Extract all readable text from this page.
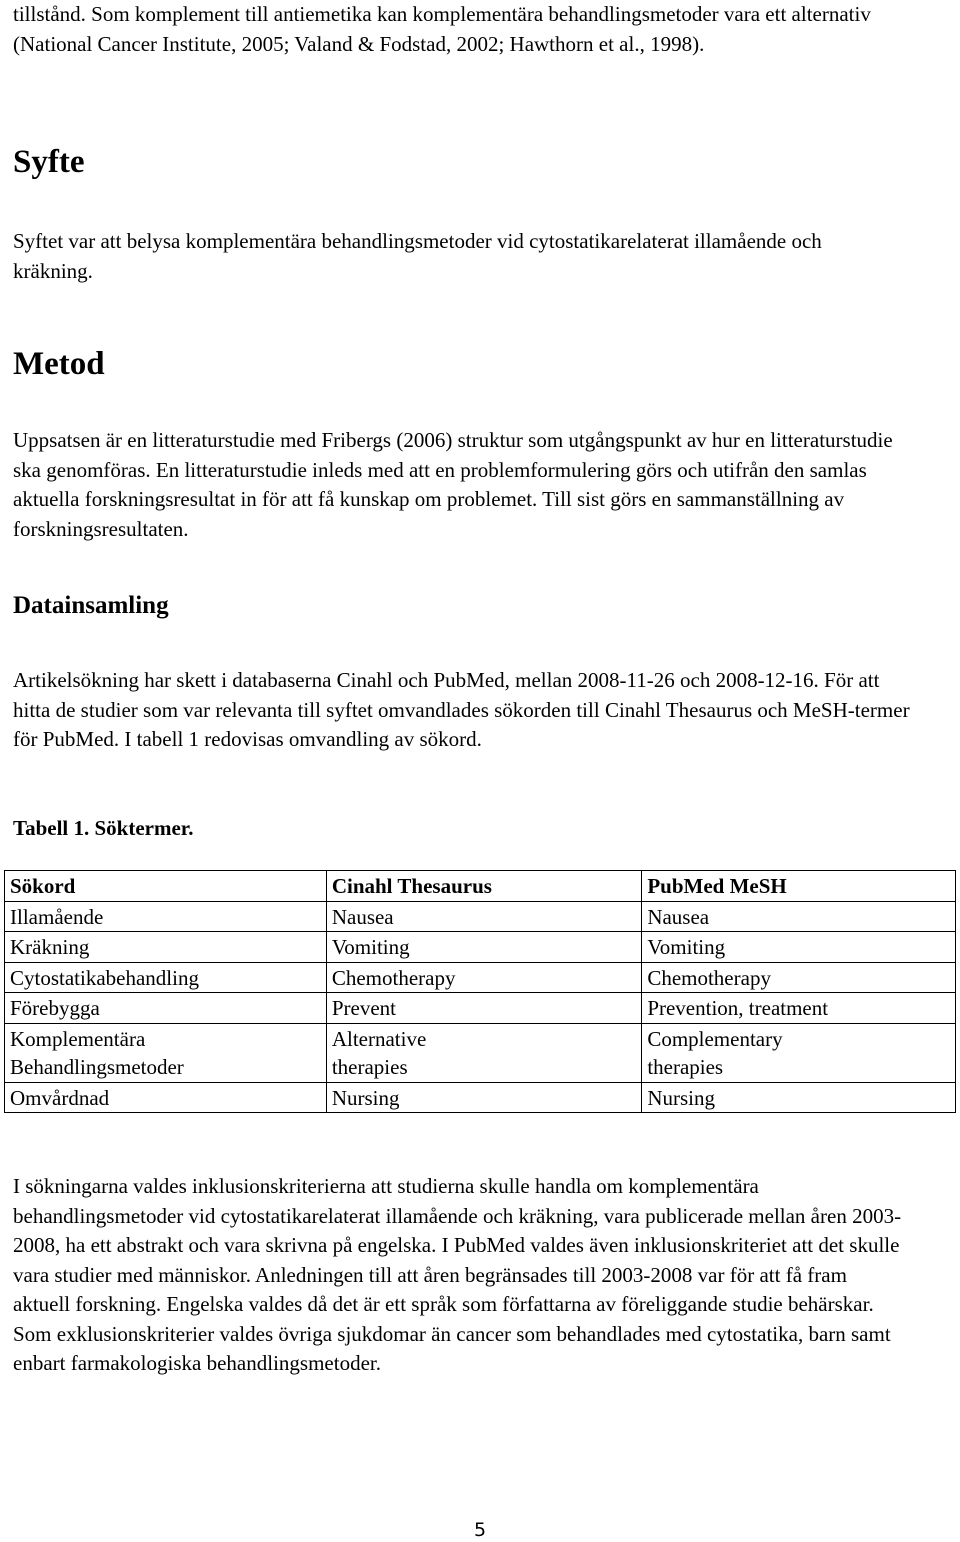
tillstånd. Som komplement till antiemetika kan komplementära behandlingsmetoder vara ett alternativ (National Cancer Institute, 2005; Valand & Fodstad, 2002; Hawthorn et al., 1998).

Syfte

Syftet var att belysa komplementära behandlingsmetoder vid cytostatikarelaterat illamående och kräkning.

Metod

Uppsatsen är en litteraturstudie med Fribergs (2006) struktur som utgångspunkt av hur en litteraturstudie ska genomföras. En litteraturstudie inleds med att en problemformulering görs och utifrån den samlas aktuella forskningsresultat in för att få kunskap om problemet. Till sist görs en sammanställning av forskningsresultaten.

Datainsamling

Artikelsökning har skett i databaserna Cinahl och PubMed, mellan 2008-11-26 och 2008-12-16. För att hitta de studier som var relevanta till syftet omvandlades sökorden till Cinahl Thesaurus och MeSH-termer för PubMed. I tabell 1 redovisas omvandling av sökord.

Tabell 1. Söktermer.

Sökord	Cinahl Thesaurus	PubMed MeSH
Illamående	Nausea	Nausea
Kräkning	Vomiting	Vomiting
Cytostatikabehandling	Chemotherapy	Chemotherapy
Förebygga	Prevent	Prevention, treatment
Komplementära Behandlingsmetoder	Alternative therapies	Complementary therapies
Omvårdnad	Nursing	Nursing

I sökningarna valdes inklusionskriterierna att studierna skulle handla om komplementära behandlingsmetoder vid cytostatikarelaterat illamående och kräkning, vara publicerade mellan åren 2003-2008, ha ett abstrakt och vara skrivna på engelska. I PubMed valdes även inklusionskriteriet att det skulle vara studier med människor. Anledningen till att åren begränsades till 2003-2008 var för att få fram aktuell forskning. Engelska valdes då det är ett språk som författarna av föreliggande studie behärskar. Som exklusionskriterier valdes övriga sjukdomar än cancer som behandlades med cytostatika, barn samt enbart farmakologiska behandlingsmetoder.

5
